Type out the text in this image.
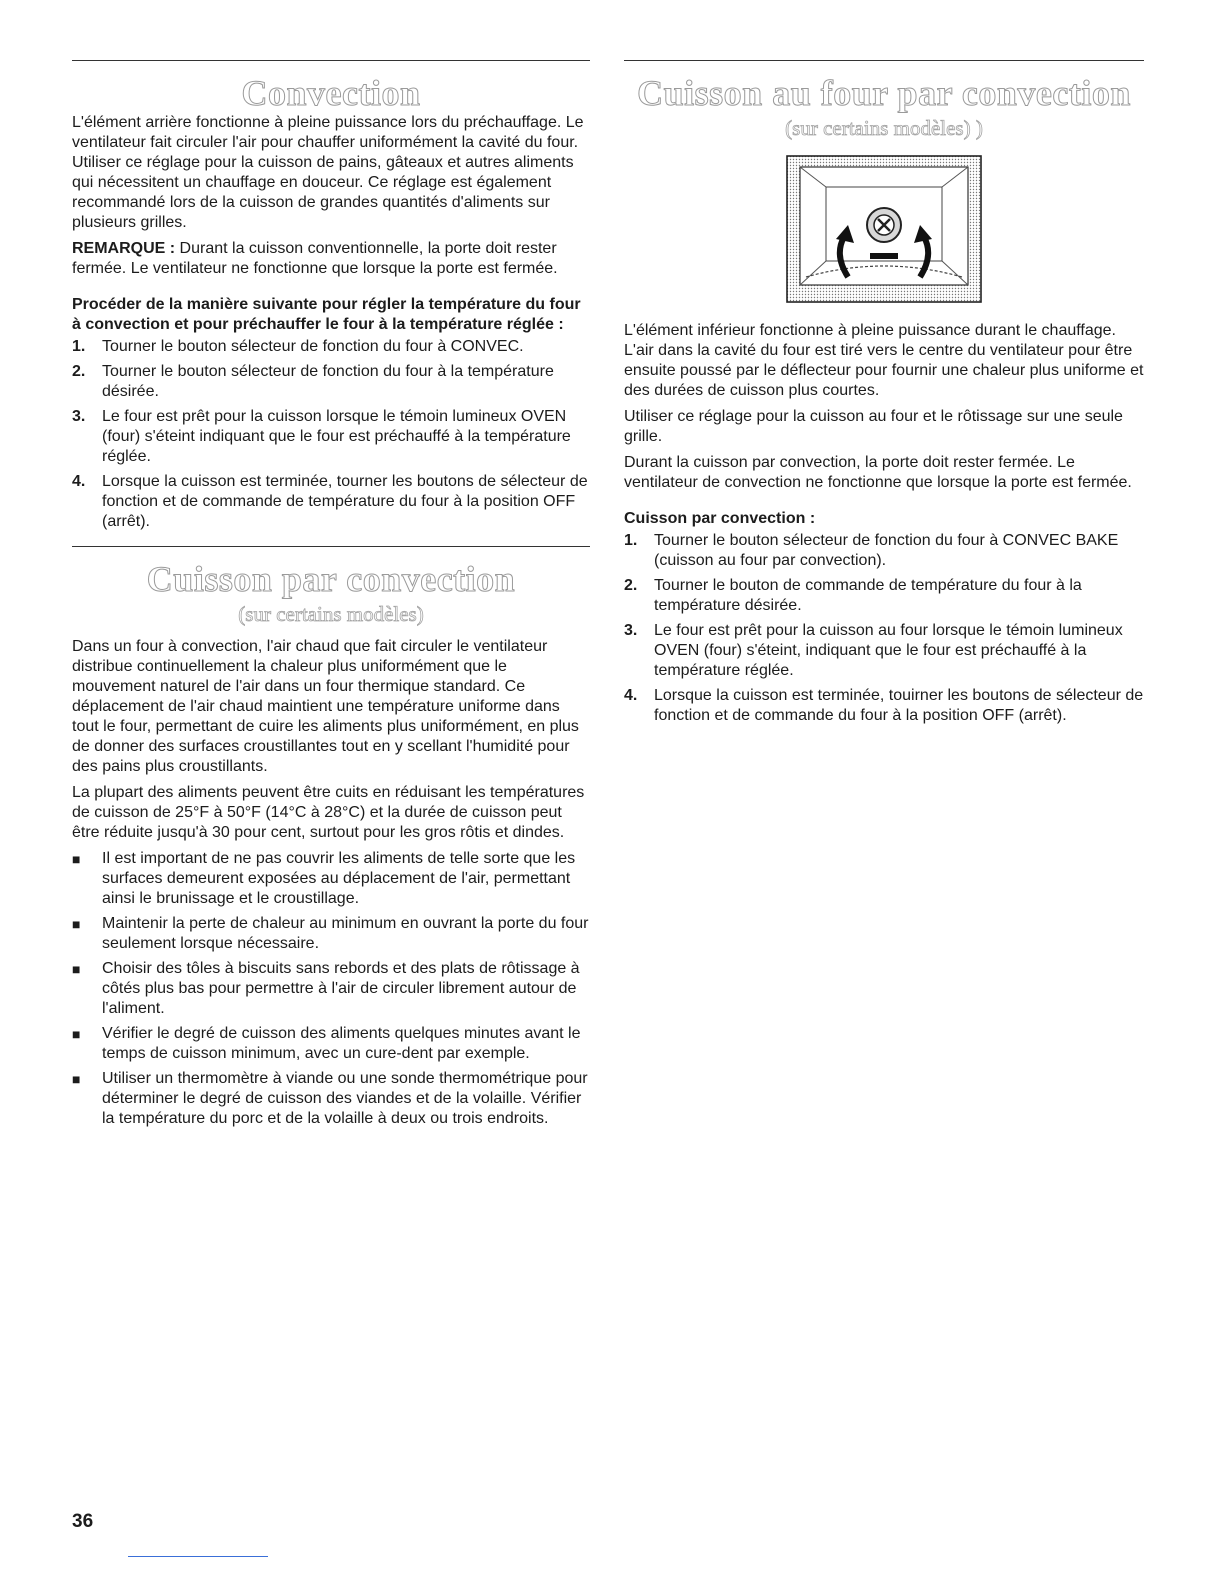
Convection

L'élément arrière fonctionne à pleine puissance lors du préchauffage. Le ventilateur fait circuler l'air pour chauffer uniformément la cavité du four. Utiliser ce réglage pour la cuisson de pains, gâteaux et autres aliments qui nécessitent un chauffage en douceur. Ce réglage est également recommandé lors de la cuisson de grandes quantités d'aliments sur plusieurs grilles.

REMARQUE : Durant la cuisson conventionnelle, la porte doit rester fermée. Le ventilateur ne fonctionne que lorsque la porte est fermée.

Procéder de la manière suivante pour régler la température du four à convection et pour préchauffer le four à la température réglée :
1.	Tourner le bouton sélecteur de fonction du four à CONVEC.
2.	Tourner le bouton sélecteur de fonction du four à la température désirée.
3.	Le four est prêt pour la cuisson lorsque le témoin lumineux OVEN (four) s'éteint indiquant que le four est préchauffé à la température réglée.
4.	Lorsque la cuisson est terminée, tourner les boutons de sélecteur de fonction et de commande de température du four à la position OFF (arrêt).
Cuisson par convection
(sur certains modèles)

Dans un four à convection, l'air chaud que fait circuler le ventilateur distribue continuellement la chaleur plus uniformément que le mouvement naturel de l'air dans un four thermique standard. Ce déplacement de l'air chaud maintient une température uniforme dans tout le four, permettant de cuire les aliments plus uniformément, en plus de donner des surfaces croustillantes tout en y scellant l'humidité pour des pains plus croustillants.

La plupart des aliments peuvent être cuits en réduisant les températures de cuisson de 25°F à 50°F (14°C à 28°C) et la durée de cuisson peut être réduite jusqu'à 30 pour cent, surtout pour les gros rôtis et dindes.

■	Il est important de ne pas couvrir les aliments de telle sorte que les surfaces demeurent exposées au déplacement de l'air, permettant ainsi le brunissage et le croustillage.
■	Maintenir la perte de chaleur au minimum en ouvrant la porte du four seulement lorsque nécessaire.
■	Choisir des tôles à biscuits sans rebords et des plats de rôtissage à côtés plus bas pour permettre à l'air de circuler librement autour de l'aliment.
■	Vérifier le degré de cuisson des aliments quelques minutes avant le temps de cuisson minimum, avec un cure-dent par exemple.
■	Utiliser un thermomètre à viande ou une sonde thermométrique pour déterminer le degré de cuisson des viandes et de la volaille. Vérifier la température du porc et de la volaille à deux ou trois endroits.
Cuisson au four par convection
(sur certains modèles) )

L'élément inférieur fonctionne à pleine puissance durant le chauffage. L'air dans la cavité du four est tiré vers le centre du ventilateur pour être ensuite poussé par le déflecteur pour fournir une chaleur plus uniforme et des durées de cuisson plus courtes.

Utiliser ce réglage pour la cuisson au four et le rôtissage sur une seule grille.

Durant la cuisson par convection, la porte doit rester fermée. Le ventilateur de convection ne fonctionne que lorsque la porte est fermée.

Cuisson par convection :
1.	Tourner le bouton sélecteur de fonction du four à CONVEC BAKE (cuisson au four par convection).
2.	Tourner le bouton de commande de température du four à la température désirée.
3.	Le four est prêt pour la cuisson au four lorsque le témoin lumineux OVEN (four) s'éteint, indiquant que le four est préchauffé à la température réglée.
4.	Lorsque la cuisson est terminée, touirner les boutons de sélecteur de fonction et de commande du four à la position OFF (arrêt).
36
